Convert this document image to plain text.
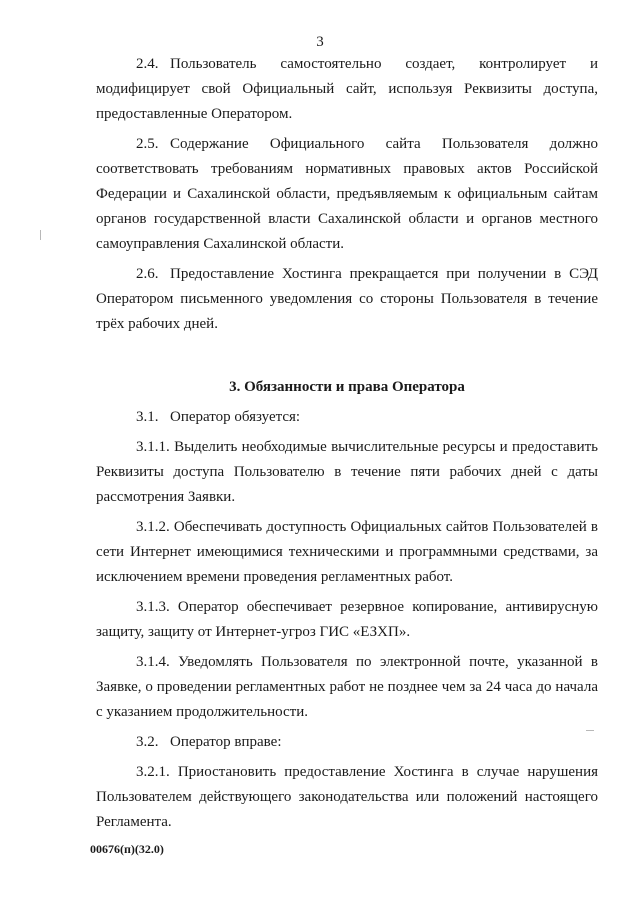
3

2.4. Пользователь самостоятельно создает, контролирует и модифицирует свой Официальный сайт, используя Реквизиты доступа, предоставленные Оператором.

2.5. Содержание Официального сайта Пользователя должно соответствовать требованиям нормативных правовых актов Российской Федерации и Сахалинской области, предъявляемым к официальным сайтам органов государственной власти Сахалинской области и органов местного самоуправления Сахалинской области.

2.6. Предоставление Хостинга прекращается при получении в СЭД Оператором письменного уведомления со стороны Пользователя в течение трёх рабочих дней.

3. Обязанности и права Оператора

3.1. Оператор обязуется:

3.1.1. Выделить необходимые вычислительные ресурсы и предоставить Реквизиты доступа Пользователю в течение пяти рабочих дней с даты рассмотрения Заявки.

3.1.2. Обеспечивать доступность Официальных сайтов Пользователей в сети Интернет имеющимися техническими и программными средствами, за исключением времени проведения регламентных работ.

3.1.3. Оператор обеспечивает резервное копирование, антивирусную защиту, защиту от Интернет-угроз ГИС «ЕЗХП».

3.1.4. Уведомлять Пользователя по электронной почте, указанной в Заявке, о проведении регламентных работ не позднее чем за 24 часа до начала с указанием продолжительности.

3.2. Оператор вправе:

3.2.1. Приостановить предоставление Хостинга в случае нарушения Пользователем действующего законодательства или положений настоящего Регламента.

00676(п)(32.0)
